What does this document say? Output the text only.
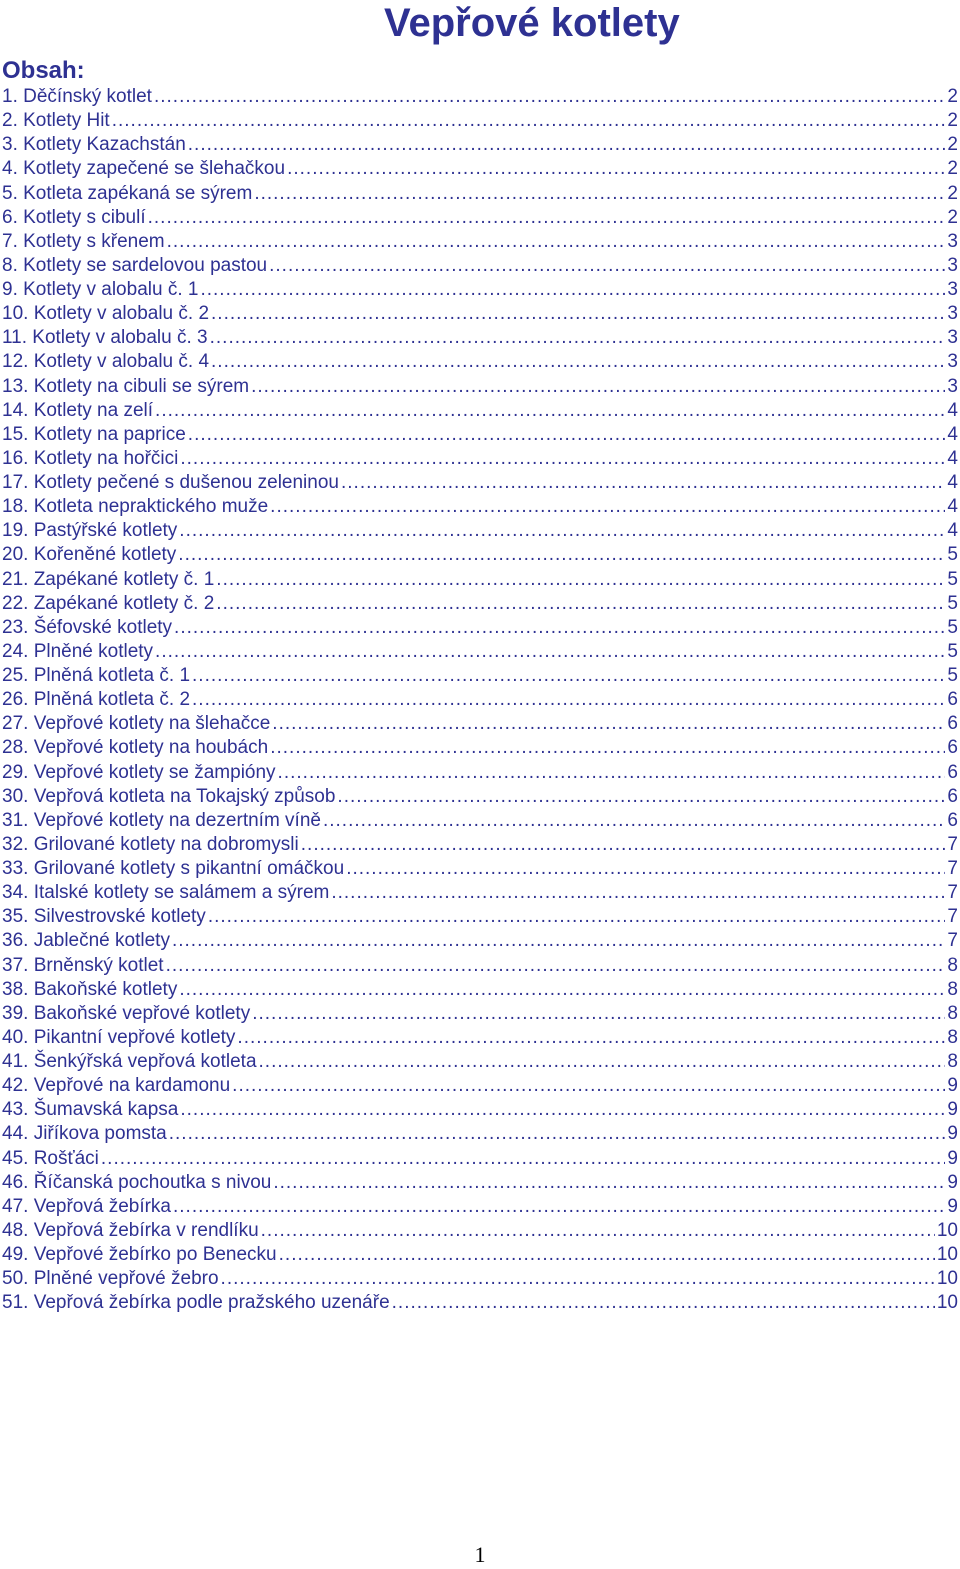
Vepřové kotlety
Obsah:
1. Děčínský kotlet .....	2
2. Kotlety Hit .....	2
3. Kotlety Kazachstán .....	2
4. Kotlety zapečené se šlehačkou .....	2
5. Kotleta zapékaná se sýrem .....	2
6. Kotlety s cibulí .....	2
7. Kotlety s křenem .....	3
8. Kotlety se sardelovou pastou .....	3
9. Kotlety v alobalu č. 1 .....	3
10. Kotlety v alobalu č. 2 .....	3
11. Kotlety v alobalu č. 3 .....	3
12. Kotlety v alobalu č. 4 .....	3
13. Kotlety na cibuli se sýrem .....	3
14. Kotlety na zelí .....	4
15. Kotlety na paprice .....	4
16. Kotlety na hořčici .....	4
17. Kotlety pečené s dušenou zeleninou .....	4
18. Kotleta nepraktického muže .....	4
19. Pastýřské kotlety .....	4
20. Kořeněné kotlety .....	5
21. Zapékané kotlety č. 1 .....	5
22. Zapékané kotlety č. 2 .....	5
23. Šéfovské kotlety .....	5
24. Plněné kotlety .....	5
25. Plněná kotleta č. 1 .....	5
26. Plněná kotleta č. 2 .....	6
27. Vepřové kotlety na šlehačce .....	6
28. Vepřové kotlety na houbách .....	6
29. Vepřové kotlety se žampióny .....	6
30. Vepřová kotleta na Tokajský způsob .....	6
31. Vepřové kotlety na dezertním víně .....	6
32. Grilované kotlety na dobromysli .....	7
33. Grilované kotlety s pikantní omáčkou .....	7
34. Italské kotlety se salámem a sýrem .....	7
35. Silvestrovské kotlety .....	7
36. Jablečné kotlety .....	7
37. Brněnský kotlet .....	8
38. Bakoňské kotlety .....	8
39. Bakoňské vepřové kotlety .....	8
40. Pikantní vepřové kotlety .....	8
41. Šenkýřská vepřová kotleta .....	8
42. Vepřové na kardamonu .....	9
43. Šumavská kapsa .....	9
44. Jiříkova pomsta .....	9
45. Rošťáci .....	9
46. Říčanská pochoutka s nivou .....	9
47. Vepřová žebírka .....	9
48. Vepřová žebírka v rendlíku .....	10
49. Vepřové žebírko po Benecku .....	10
50. Plněné vepřové žebro .....	10
51. Vepřová žebírka podle pražského uzenáře .....	10

1
